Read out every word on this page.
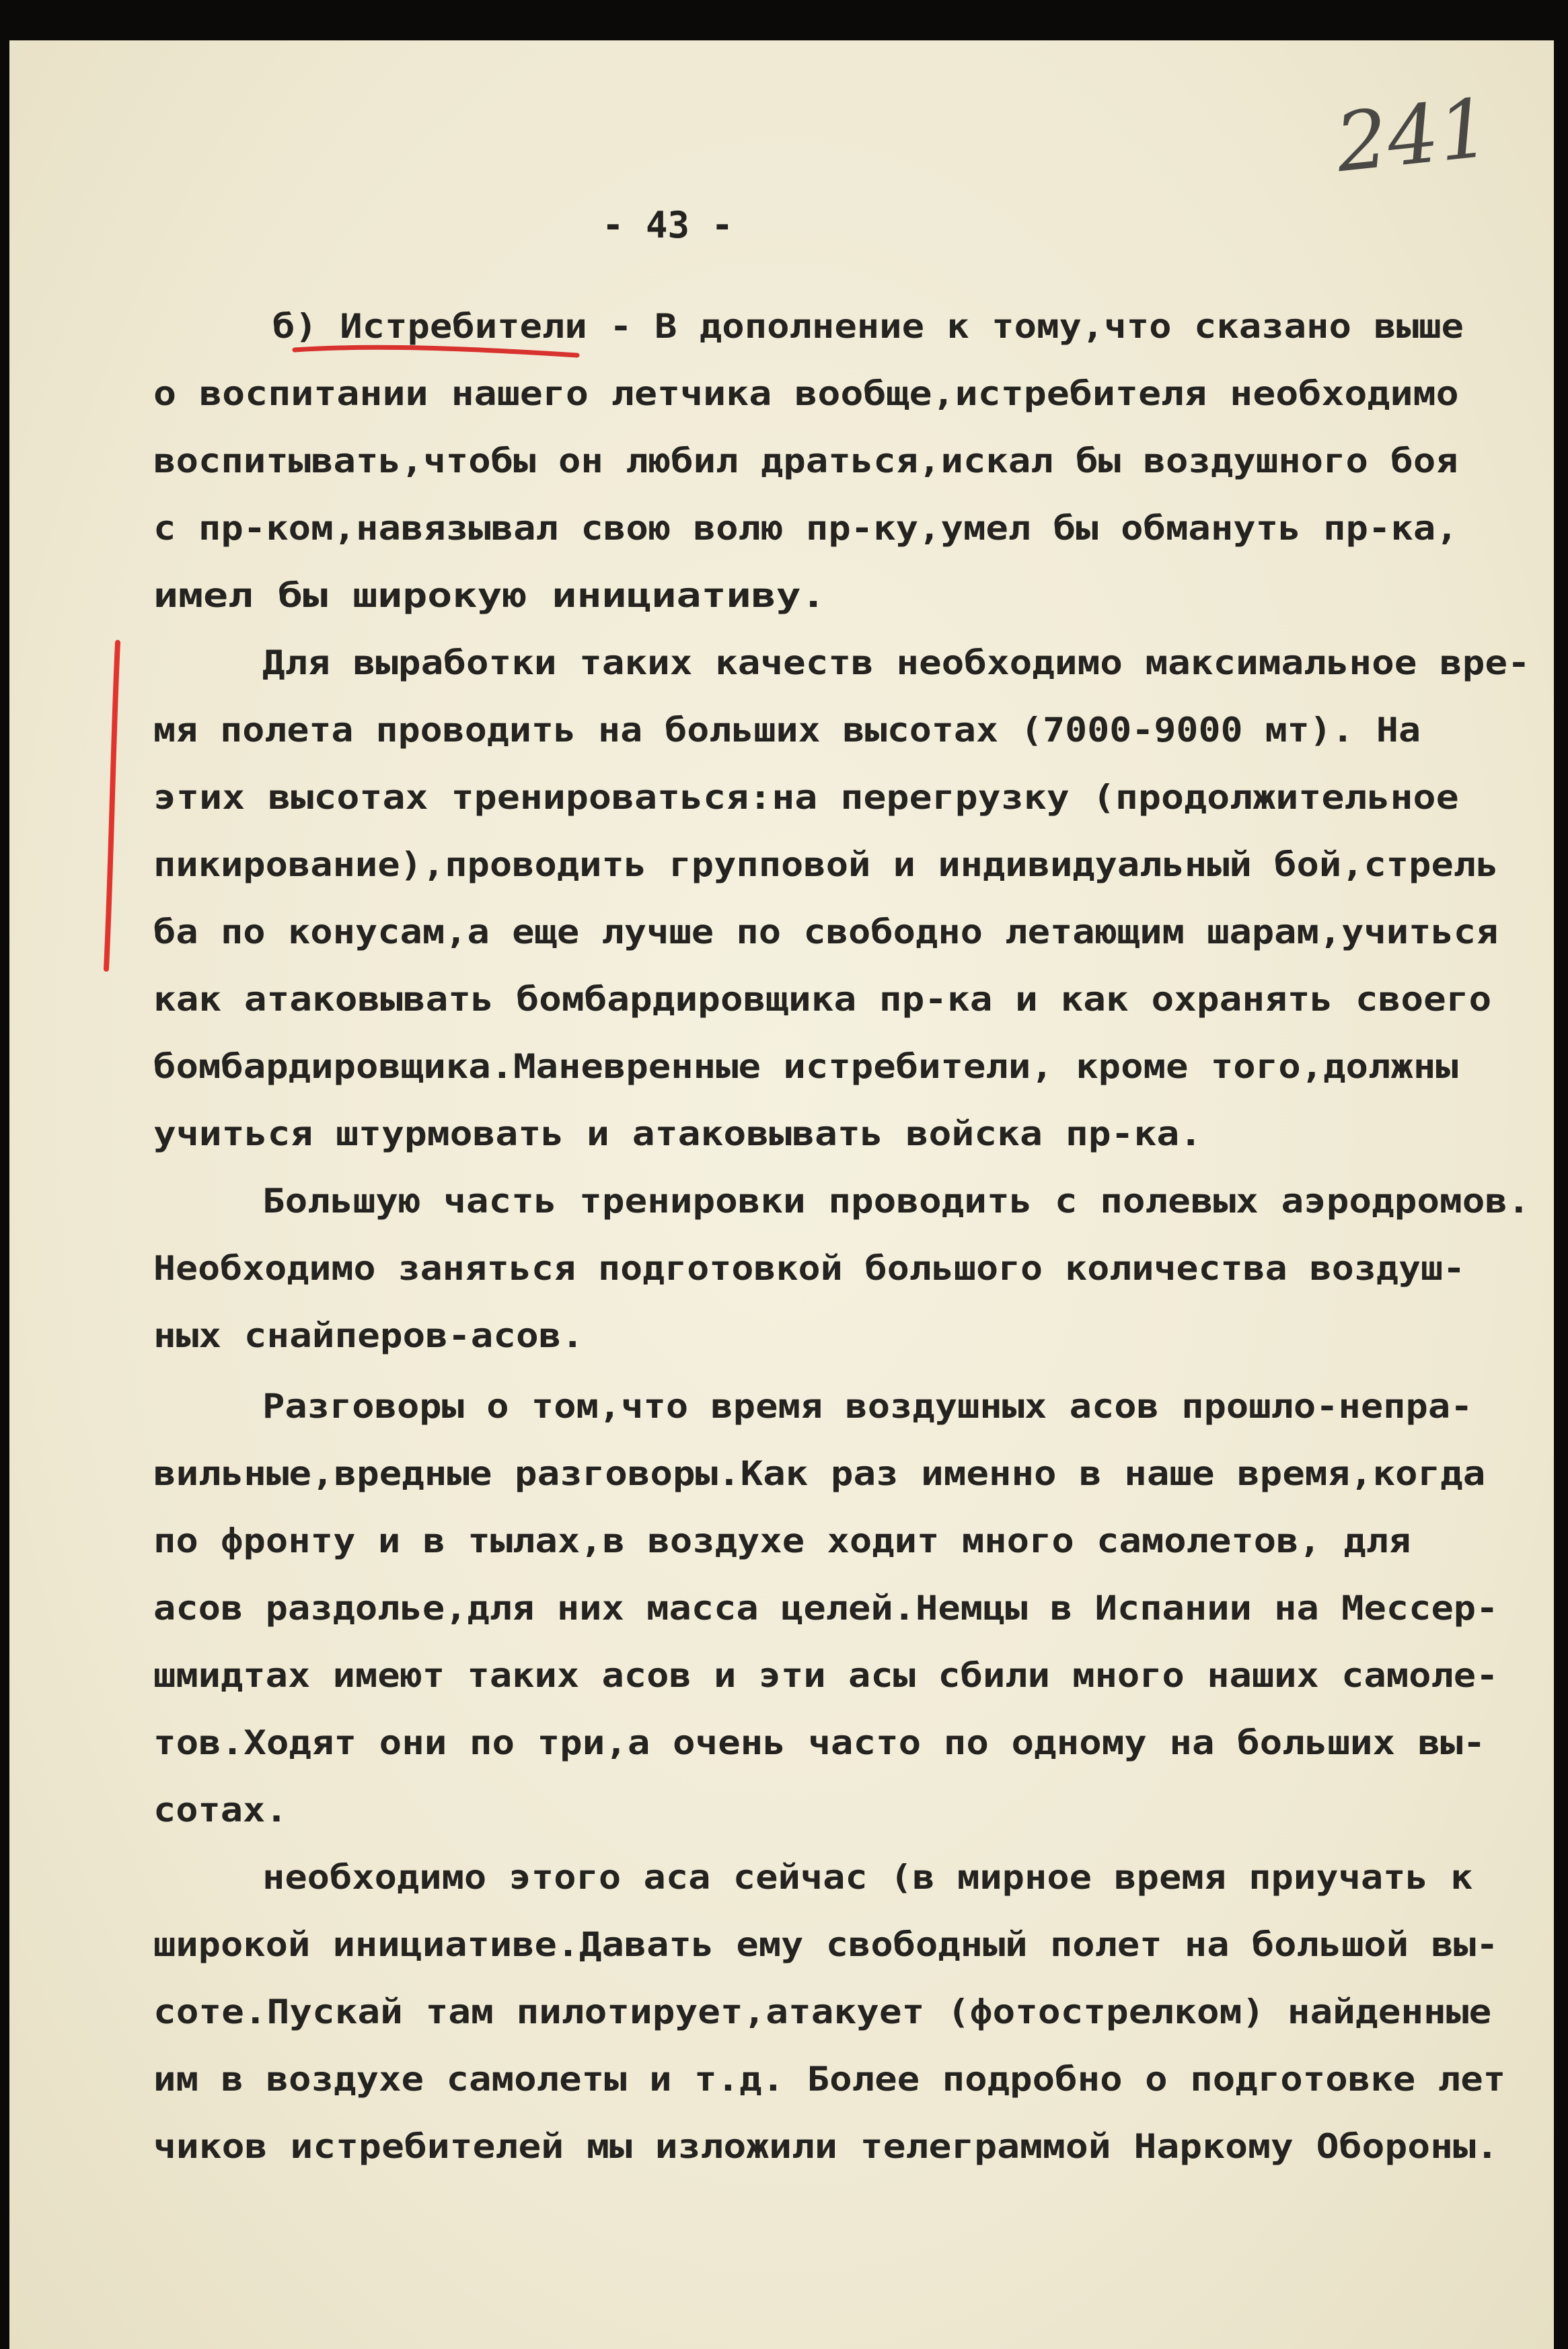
241
- 43 -
б) Истребители - В дополнение к тому,что сказано выше
о воспитании нашего летчика вообще,истребителя необходимо
воспитывать,чтобы он любил драться,искал бы воздушного боя
с пр-ком,навязывал свою волю пр-ку,умел бы обмануть пр-ка,
имел бы широкую инициативу.
Для выработки таких качеств необходимо максимальное вре-
мя полета проводить на больших высотах (7000-9000 мт). На
этих высотах тренироваться:на перегрузку (продолжительное
пикирование),проводить групповой и индивидуальный бой,стрель
ба по конусам,а еще лучше по свободно летающим шарам,учиться
как атаковывать бомбардировщика пр-ка и как охранять своего
бомбардировщика.Маневренные истребители, кроме того,должны
учиться штурмовать и атаковывать войска пр-ка.
Большую часть тренировки проводить с полевых аэродромов.
Необходимо заняться подготовкой большого количества воздуш-
ных снайперов-асов.
Разговоры о том,что время воздушных асов прошло-непра-
вильные,вредные разговоры.Как раз именно в наше время,когда
по фронту и в тылах,в воздухе ходит много самолетов, для
асов раздолье,для них масса целей.Немцы в Испании на Мессер-
шмидтах имеют таких асов и эти асы сбили много наших самоле-
тов.Ходят они по три,а очень часто по одному на больших вы-
сотах.
необходимо этого аса сейчас (в мирное время приучать к
широкой инициативе.Давать ему свободный полет на большой вы-
соте.Пускай там пилотирует,атакует (фотострелком) найденные
им в воздухе самолеты и т.д. Более подробно о подготовке лет
чиков истребителей мы изложили телеграммой Наркому Обороны.
